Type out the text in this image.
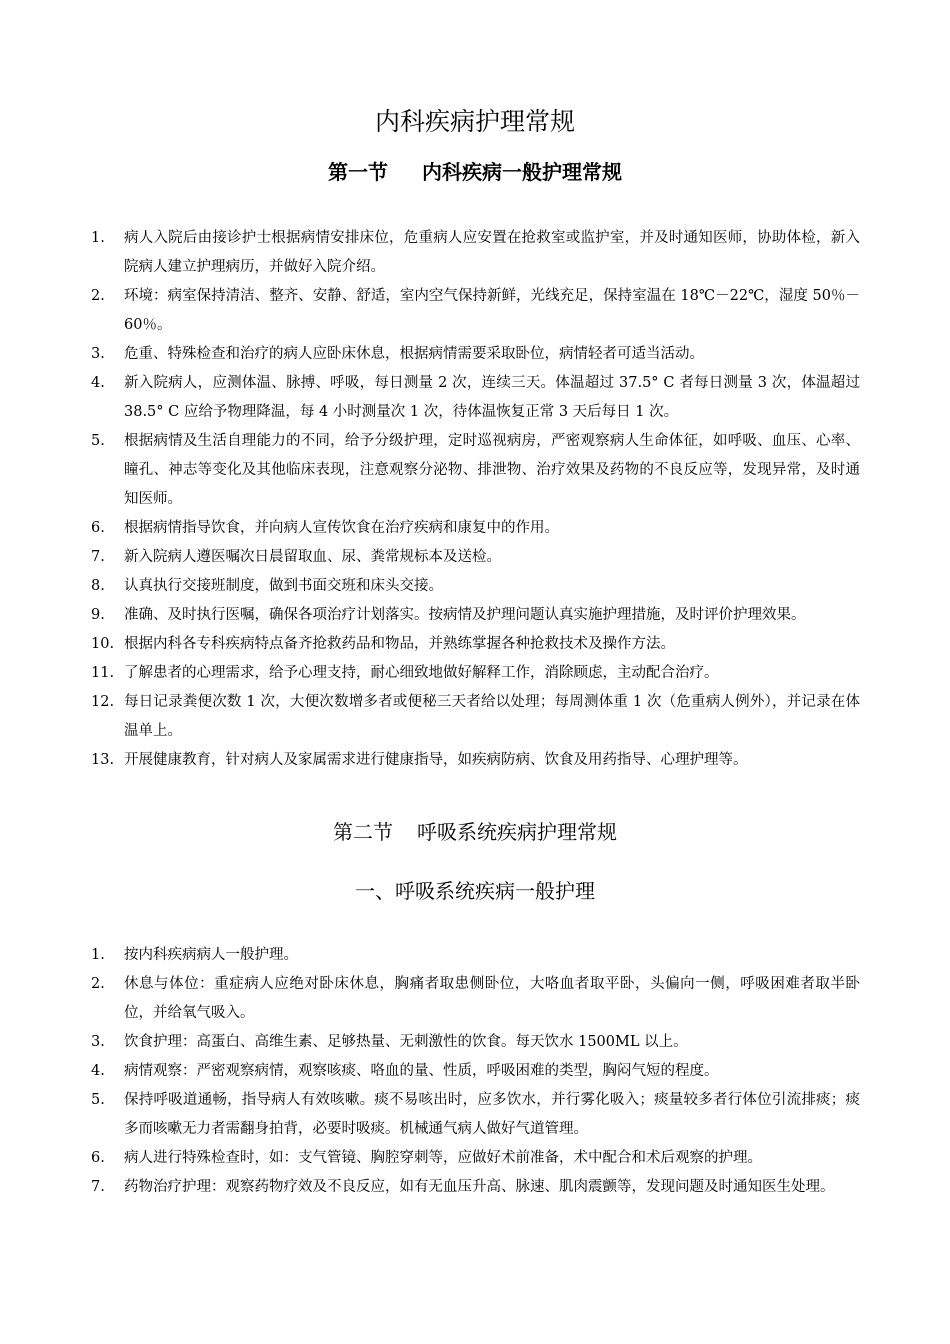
内科疾病护理常规
第一节 内科疾病一般护理常规
1.	病人入院后由接诊护士根据病情安排床位，危重病人应安置在抢救室或监护室，并及时通知医师，协助体检，新入院病人建立护理病历，并做好入院介绍。
2.	环境：病室保持清洁、整齐、安静、舒适，室内空气保持新鲜，光线充足，保持室温在 18℃－22℃，湿度 50％－60％。
3.	危重、特殊检查和治疗的病人应卧床休息，根据病情需要采取卧位，病情轻者可适当活动。
4.	新入院病人，应测体温、脉搏、呼吸，每日测量 2 次，连续三天。体温超过 37.5° C 者每日测量 3 次，体温超过 38.5° C 应给予物理降温，每 4 小时测量次 1 次，待体温恢复正常 3 天后每日 1 次。
5.	根据病情及生活自理能力的不同，给予分级护理，定时巡视病房，严密观察病人生命体征，如呼吸、血压、心率、瞳孔、神志等变化及其他临床表现，注意观察分泌物、排泄物、治疗效果及药物的不良反应等，发现异常，及时通知医师。
6.	根据病情指导饮食，并向病人宣传饮食在治疗疾病和康复中的作用。
7.	新入院病人遵医嘱次日晨留取血、尿、粪常规标本及送检。
8.	认真执行交接班制度，做到书面交班和床头交接。
9.	准确、及时执行医嘱，确保各项治疗计划落实。按病情及护理问题认真实施护理措施，及时评价护理效果。
10. 根据内科各专科疾病特点备齐抢救药品和物品，并熟练掌握各种抢救技术及操作方法。
11. 了解患者的心理需求，给予心理支持，耐心细致地做好解释工作，消除顾虑，主动配合治疗。
12. 每日记录粪便次数 1 次，大便次数增多者或便秘三天者给以处理；每周测体重 1 次（危重病人例外），并记录在体温单上。
13. 开展健康教育，针对病人及家属需求进行健康指导，如疾病防病、饮食及用药指导、心理护理等。
第二节 呼吸系统疾病护理常规
一、呼吸系统疾病一般护理
1.	按内科疾病病人一般护理。
2.	休息与体位：重症病人应绝对卧床休息，胸痛者取患侧卧位，大咯血者取平卧，头偏向一侧，呼吸困难者取半卧位，并给氧气吸入。
3.	饮食护理：高蛋白、高维生素、足够热量、无刺激性的饮食。每天饮水 1500ML 以上。
4.	病情观察：严密观察病情，观察咳痰、咯血的量、性质，呼吸困难的类型，胸闷气短的程度。
5.	保持呼吸道通畅，指导病人有效咳嗽。痰不易咳出时，应多饮水，并行雾化吸入；痰量较多者行体位引流排痰；痰多而咳嗽无力者需翻身拍背，必要时吸痰。机械通气病人做好气道管理。
6.	病人进行特殊检查时，如：支气管镜、胸腔穿刺等，应做好术前准备，术中配合和术后观察的护理。
7.	药物治疗护理：观察药物疗效及不良反应，如有无血压升高、脉速、肌肉震颤等，发现问题及时通知医生处理。
